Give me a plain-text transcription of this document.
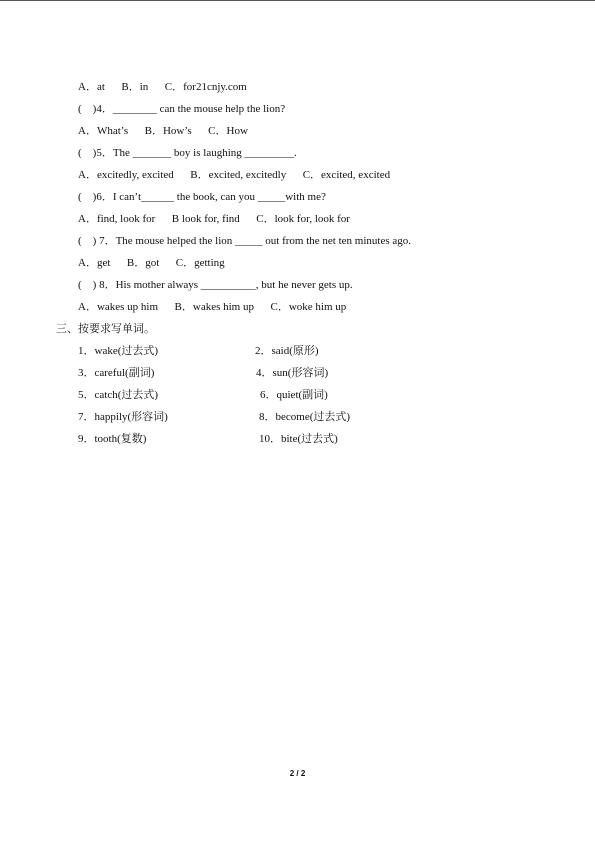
A．at      B．in      C．for21cnjy.com
(    )4．________ can the mouse help the lion?
A．What’s      B．How’s      C．How
(    )5．The _______ boy is laughing _________.
A．excitedly, excited      B．excited, excitedly      C．excited, excited
(    )6．I can’t______ the book, can you _____with me?
A．find, look for      B look for, find      C．look for, look for
(    ) 7．The mouse helped the lion _____ out from the net ten minutes ago.
A．get      B．got      C．getting
(    ) 8．His mother always __________, but he never gets up.
A．wakes up him      B．wakes him up      C．woke him up
三、按要求写单词。
1．wake(过去式)	2．said(原形)
3．careful(副词)	4．sun(形容词)
5．catch(过去式)	6．quiet(副词)
7．happily(形容词)	8．become(过去式)
9．tooth(复数)	10．bite(过去式)
2 / 2
